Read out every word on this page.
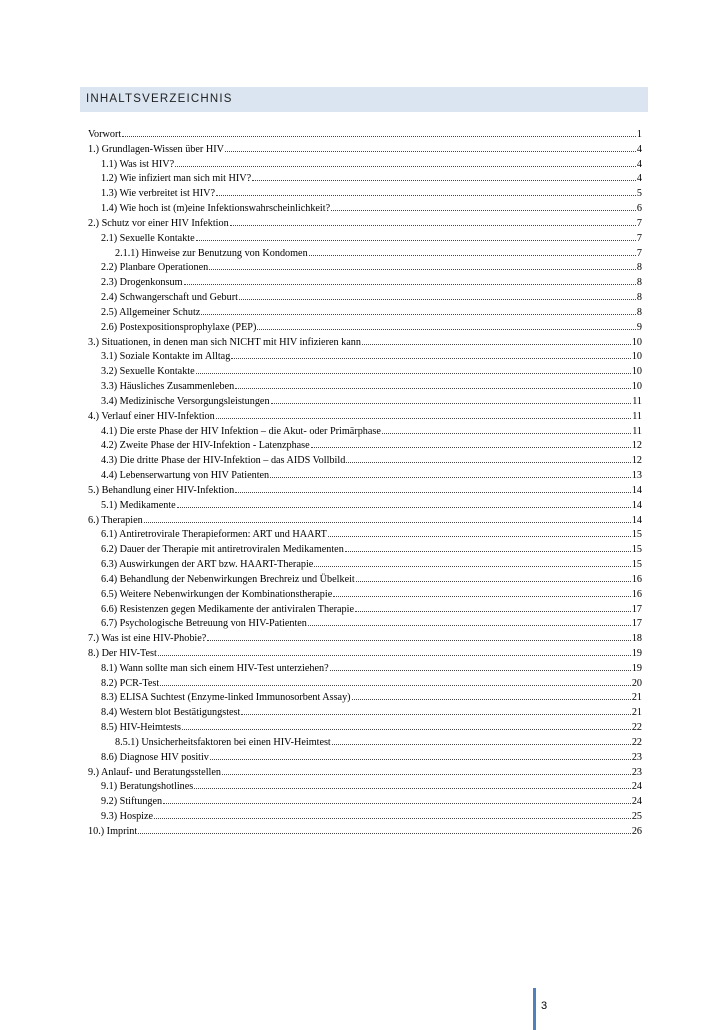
INHALTSVERZEICHNIS
Vorwort	1
1.) Grundlagen-Wissen über HIV	4
1.1) Was ist HIV?	4
1.2) Wie infiziert man sich mit HIV?	4
1.3) Wie verbreitet ist HIV?	5
1.4) Wie hoch ist (m)eine Infektionswahrscheinlichkeit?	6
2.) Schutz vor einer HIV Infektion	7
2.1) Sexuelle Kontakte	7
2.1.1) Hinweise zur Benutzung von Kondomen	7
2.2) Planbare Operationen	8
2.3) Drogenkonsum	8
2.4) Schwangerschaft und Geburt	8
2.5) Allgemeiner Schutz	8
2.6) Postexpositionsprophylaxe (PEP)	9
3.) Situationen, in denen man sich NICHT mit HIV infizieren kann	10
3.1) Soziale Kontakte im Alltag	10
3.2) Sexuelle Kontakte	10
3.3) Häusliches Zusammenleben	10
3.4) Medizinische Versorgungsleistungen	11
4.) Verlauf einer HIV-Infektion	11
4.1) Die erste Phase der HIV Infektion – die Akut- oder Primärphase	11
4.2) Zweite Phase der HIV-Infektion - Latenzphase	12
4.3) Die dritte Phase der HIV-Infektion – das AIDS Vollbild	12
4.4) Lebenserwartung von HIV Patienten	13
5.) Behandlung einer HIV-Infektion	14
5.1) Medikamente	14
6.) Therapien	14
6.1) Antiretrovirale Therapieformen: ART und HAART	15
6.2) Dauer der Therapie mit antiretroviralen Medikamenten	15
6.3) Auswirkungen der ART bzw. HAART-Therapie	15
6.4) Behandlung der Nebenwirkungen Brechreiz und Übelkeit	16
6.5) Weitere Nebenwirkungen der Kombinationstherapie	16
6.6) Resistenzen gegen Medikamente der antiviralen Therapie	17
6.7) Psychologische Betreuung von HIV-Patienten	17
7.) Was ist eine HIV-Phobie?	18
8.) Der HIV-Test	19
8.1) Wann sollte man sich einem HIV-Test unterziehen?	19
8.2) PCR-Test	20
8.3) ELISA Suchtest (Enzyme-linked Immunosorbent Assay)	21
8.4) Western blot Bestätigungstest	21
8.5) HIV-Heimtests	22
8.5.1) Unsicherheitsfaktoren bei einen HIV-Heimtest	22
8.6) Diagnose HIV positiv	23
9.) Anlauf- und Beratungsstellen	23
9.1) Beratungshotlines	24
9.2) Stiftungen	24
9.3) Hospize	25
10.) Imprint	26
3
